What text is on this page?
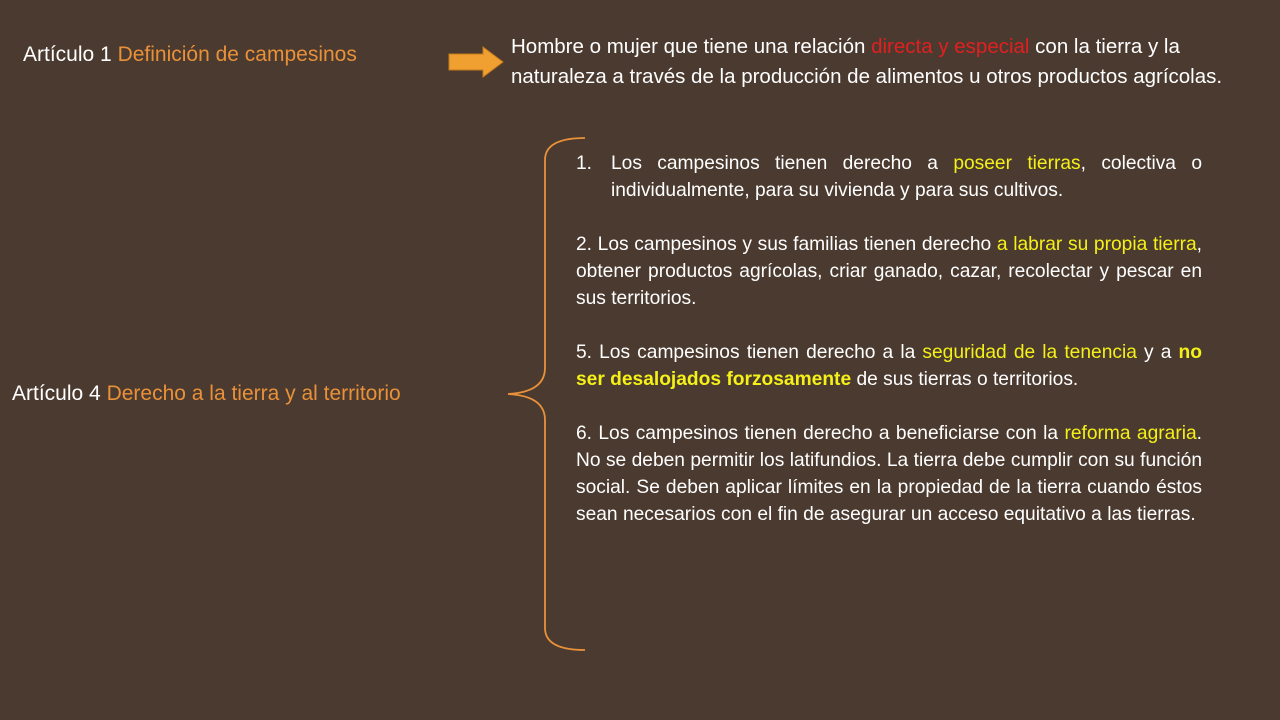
Artículo 1 Definición de campesinos	Hombre o mujer que tiene una relación directa y especial con la tierra y la naturaleza a través de la producción de alimentos u otros productos agrícolas.
Artículo 4 Derecho a la tierra y al territorio
1. Los campesinos tienen derecho a poseer tierras, colectiva o individualmente, para su vivienda y para sus cultivos.

2. Los campesinos y sus familias tienen derecho a labrar su propia tierra, obtener productos agrícolas, criar ganado, cazar, recolectar y pescar en sus territorios.

5. Los campesinos tienen derecho a la seguridad de la tenencia y a no ser desalojados forzosamente de sus tierras o territorios.

6. Los campesinos tienen derecho a beneficiarse con la reforma agraria. No se deben permitir los latifundios. La tierra debe cumplir con su función social. Se deben aplicar límites en la propiedad de la tierra cuando éstos sean necesarios con el fin de asegurar un acceso equitativo a las tierras.
